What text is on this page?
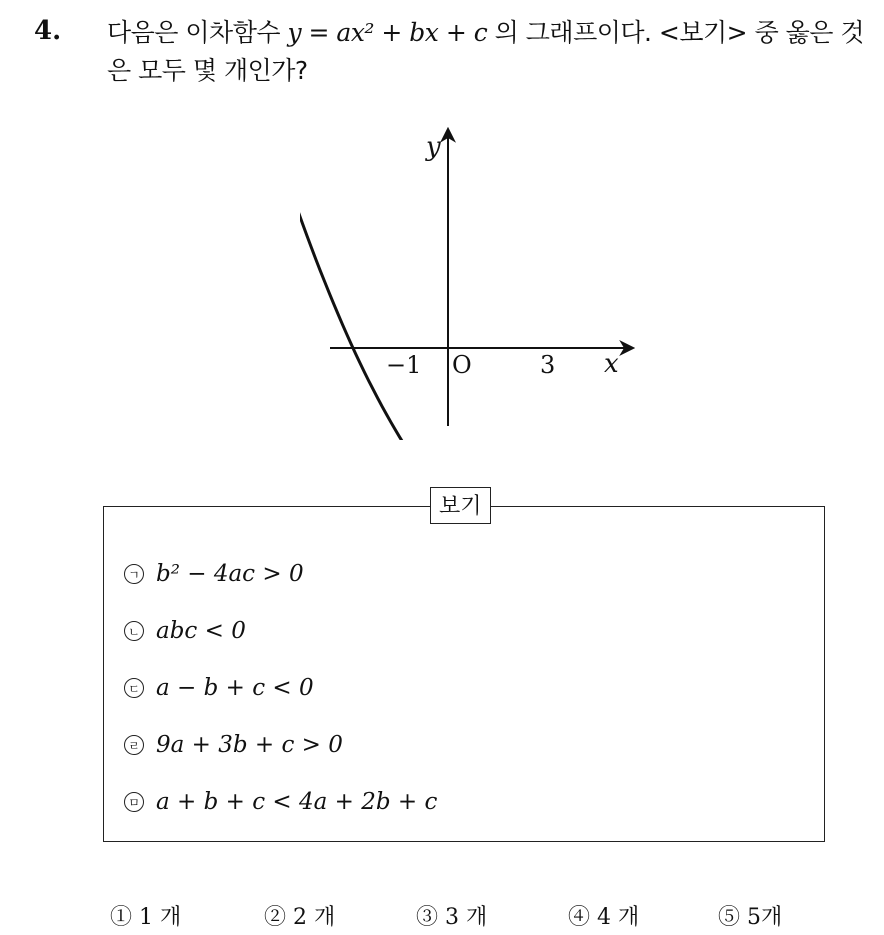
4. 다음은 이차함수 y = ax² + bx + c 의 그래프이다. <보기> 중 옳은 것은 모두 몇 개인가?
y
x
O
−1	3
보기
ㄱ b² − 4ac > 0
ㄴ abc < 0
ㄷ a − b + c < 0
ㄹ 9a + 3b + c > 0
ㅁ a + b + c < 4a + 2b + c
① 1 개	② 2 개	③ 3 개	④ 4 개	⑤ 5개
